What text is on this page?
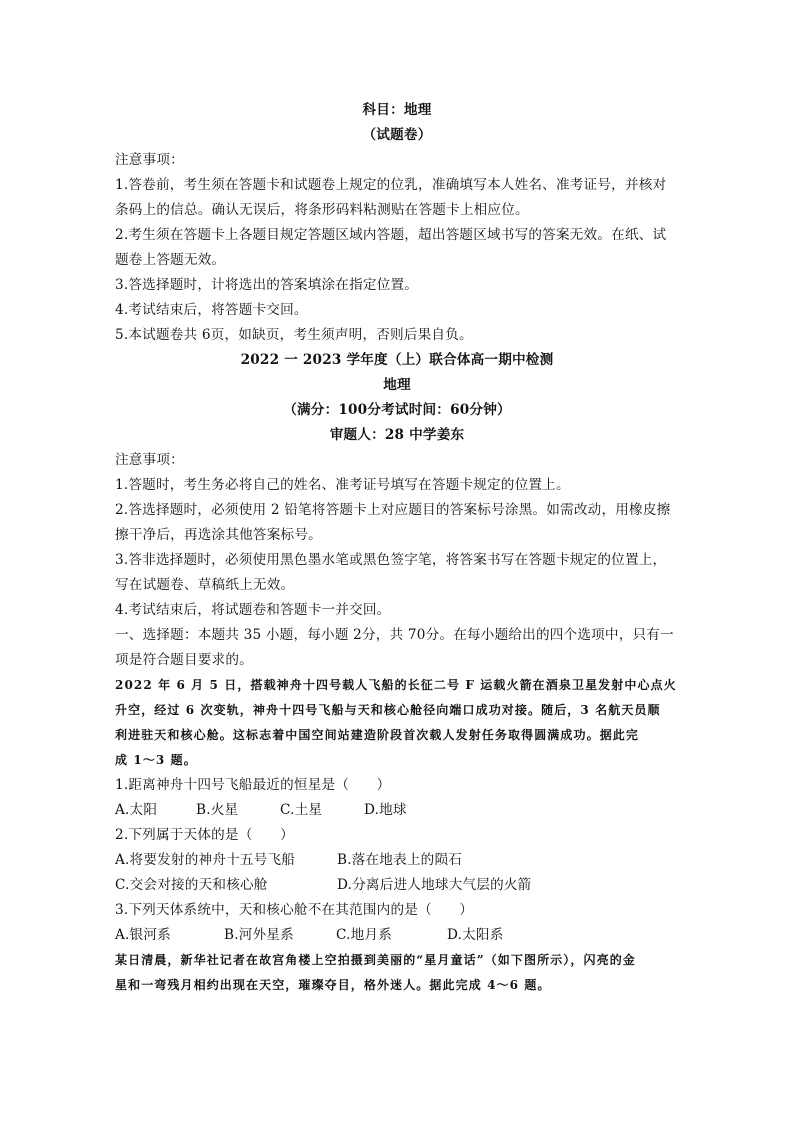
科目：地理
（试题卷）
注意事项：
1.答卷前，考生须在答题卡和试题卷上规定的位乳，准确填写本人姓名、准考证号，并核对
条码上的信总。确认无误后，将条形码料粘测贴在答题卡上相应位。
2.考生须在答题卡上各题目规定答题区域内答题，超出答题区域书写的答案无效。在纸、试
题卷上答题无效。
3.答选择题时，计将选出的答案填涂在指定位置。
4.考试结束后，将答题卡交回。
5.本试题卷共 6页，如缺页，考生须声明，否则后果自负。
2022 一 2023 学年度（上）联合体高一期中检测
地理
（满分：100分考试时间：60分钟）
审题人：28 中学姜东
注意事项：
1.答题时，考生务必将自己的姓名、准考证号填写在答题卡规定的位置上。
2.答选择题时，必须使用 2 铅笔将答题卡上对应题目的答案标号涂黑。如需改动，用橡皮擦
擦干净后，再选涂其他答案标号。
3.答非选择题时，必须使用黑色墨水笔或黑色签字笔，将答案书写在答题卡规定的位置上，
写在试题卷、草稿纸上无效。
4.考试结束后，将试题卷和答题卡一并交回。
一、选择题：本题共 35 小题，每小题 2分，共 70分。在每小题给出的四个选项中，只有一
项是符合题目要求的。
2022 年 6 月 5 日，搭载神舟十四号载人飞船的长征二号 F 运载火箭在酒泉卫星发射中心点火
升空，经过 6 次变轨，神舟十四号飞船与天和核心舱径向端口成功对接。随后，3 名航天员顺
利进驻天和核心舱。这标志着中国空间站建造阶段首次载人发射任务取得圆满成功。据此完
成 1～3 题。
1.距离神舟十四号飞船最近的恒星是（　　）
A.太阳	B.火星	C.土星	D.地球
2.下列属于天体的是（　　）
A.将要发射的神舟十五号飞船	B.落在地表上的陨石
C.交会对接的天和核心舱	D.分离后进人地球大气层的火箭
3.下列天体系统中，天和核心舱不在其范围内的是（　　）
A.银河系	B.河外星系	C.地月系	D.太阳系
某日清晨，新华社记者在故宫角楼上空拍摄到美丽的“星月童话”（如下图所示），闪亮的金
星和一弯残月相约出现在天空，璀璨夺目，格外迷人。据此完成 4～6 题。
